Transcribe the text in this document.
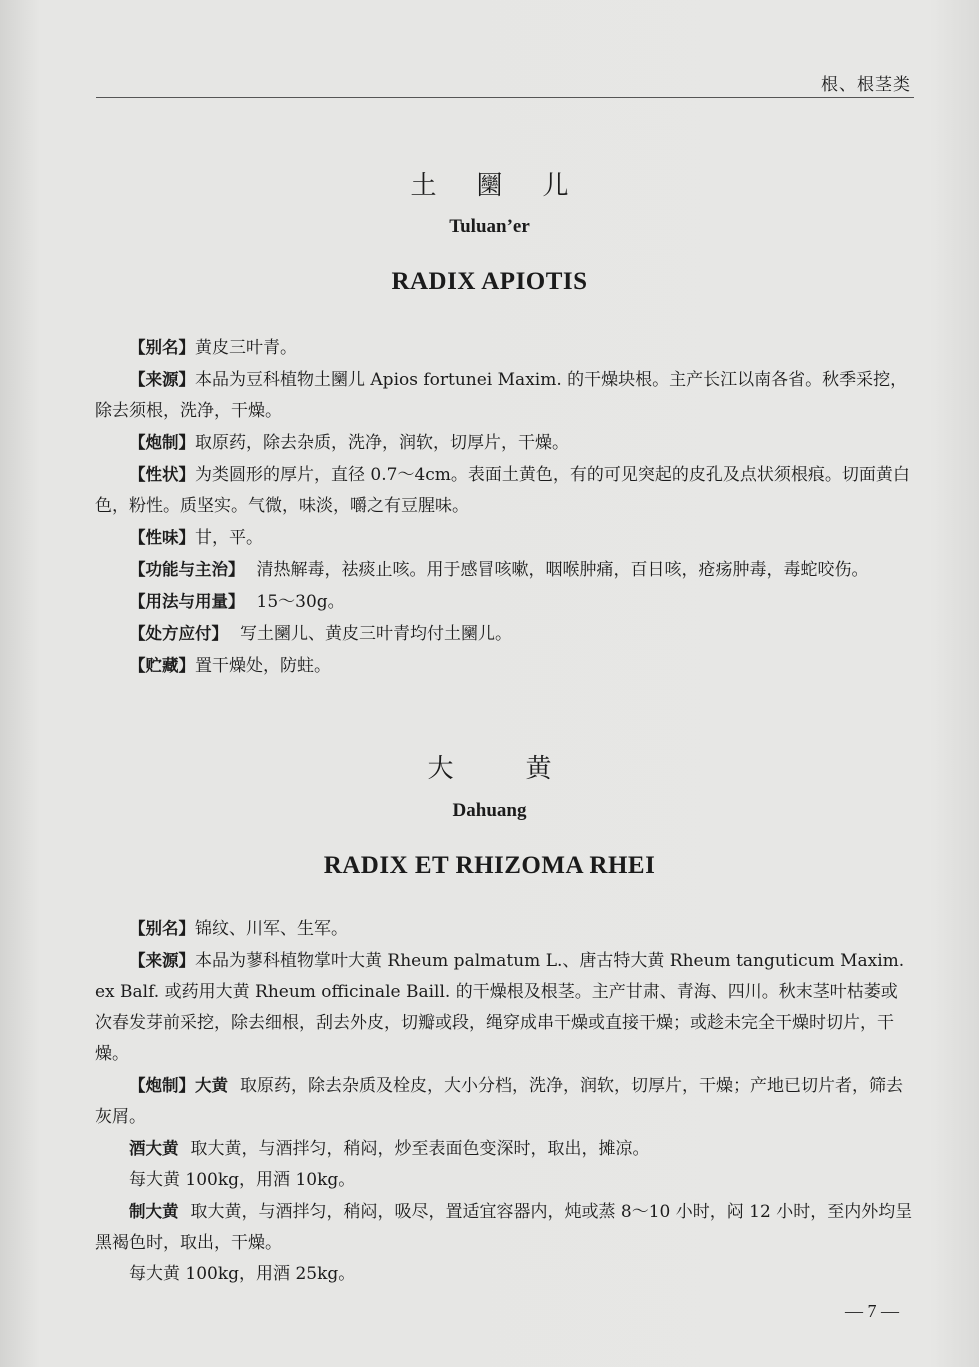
根、根茎类
土 圞 儿
Tuluan’er
RADIX APIOTIS

【别名】黄皮三叶青。

【来源】本品为豆科植物土圞儿 Apios fortunei Maxim. 的干燥块根。主产长江以南各省。秋季采挖，除去须根，洗净，干燥。

【炮制】取原药，除去杂质，洗净，润软，切厚片，干燥。

【性状】为类圆形的厚片，直径 0.7～4cm。表面土黄色，有的可见突起的皮孔及点状须根痕。切面黄白色，粉性。质坚实。气微，味淡，嚼之有豆腥味。

【性味】甘，平。

【功能与主治】 清热解毒，祛痰止咳。用于感冒咳嗽，咽喉肿痛，百日咳，疮疡肿毒，毒蛇咬伤。

【用法与用量】 15～30g。

【处方应付】 写土圞儿、黄皮三叶青均付土圞儿。

【贮藏】置干燥处，防蛀。

大	黄
Dahuang
RADIX ET RHIZOMA RHEI

【别名】锦纹、川军、生军。

【来源】本品为蓼科植物掌叶大黄 Rheum palmatum L.、唐古特大黄 Rheum tanguticum Maxim. ex Balf. 或药用大黄 Rheum officinale Baill. 的干燥根及根茎。主产甘肃、青海、四川。秋末茎叶枯萎或次春发芽前采挖，除去细根，刮去外皮，切瓣或段，绳穿成串干燥或直接干燥；或趁未完全干燥时切片，干燥。

【炮制】大黄 取原药，除去杂质及栓皮，大小分档，洗净，润软，切厚片，干燥；产地已切片者，筛去灰屑。

酒大黄 取大黄，与酒拌匀，稍闷，炒至表面色变深时，取出，摊凉。

每大黄 100kg，用酒 10kg。

制大黄 取大黄，与酒拌匀，稍闷，吸尽，置适宜容器内，炖或蒸 8～10 小时，闷 12 小时，至内外均呈黑褐色时，取出，干燥。

每大黄 100kg，用酒 25kg。

— 7 —
